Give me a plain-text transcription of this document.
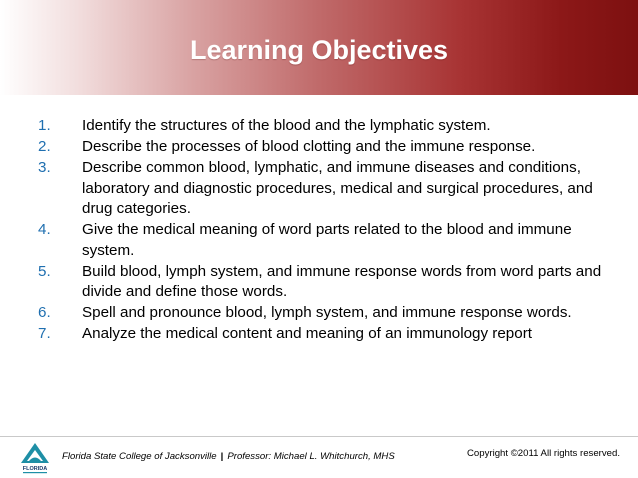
Learning Objectives
1.	Identify the structures of the blood and the lymphatic system.
2.	Describe the processes of blood clotting and the immune response.
3.	Describe common blood, lymphatic, and immune diseases and conditions, laboratory and diagnostic procedures, medical and surgical procedures, and drug categories.
4.	Give the medical meaning of word parts related to the blood and immune system.
5.	Build blood, lymph system, and immune response words from word parts and divide and define those words.
6.	Spell and pronounce blood, lymph system, and immune response words.
7.	Analyze the medical content and meaning of an immunology report
FLORIDA
Florida State College of Jacksonville | Professor: Michael L. Whitchurch, MHS	Copyright ©2011 All rights reserved.
